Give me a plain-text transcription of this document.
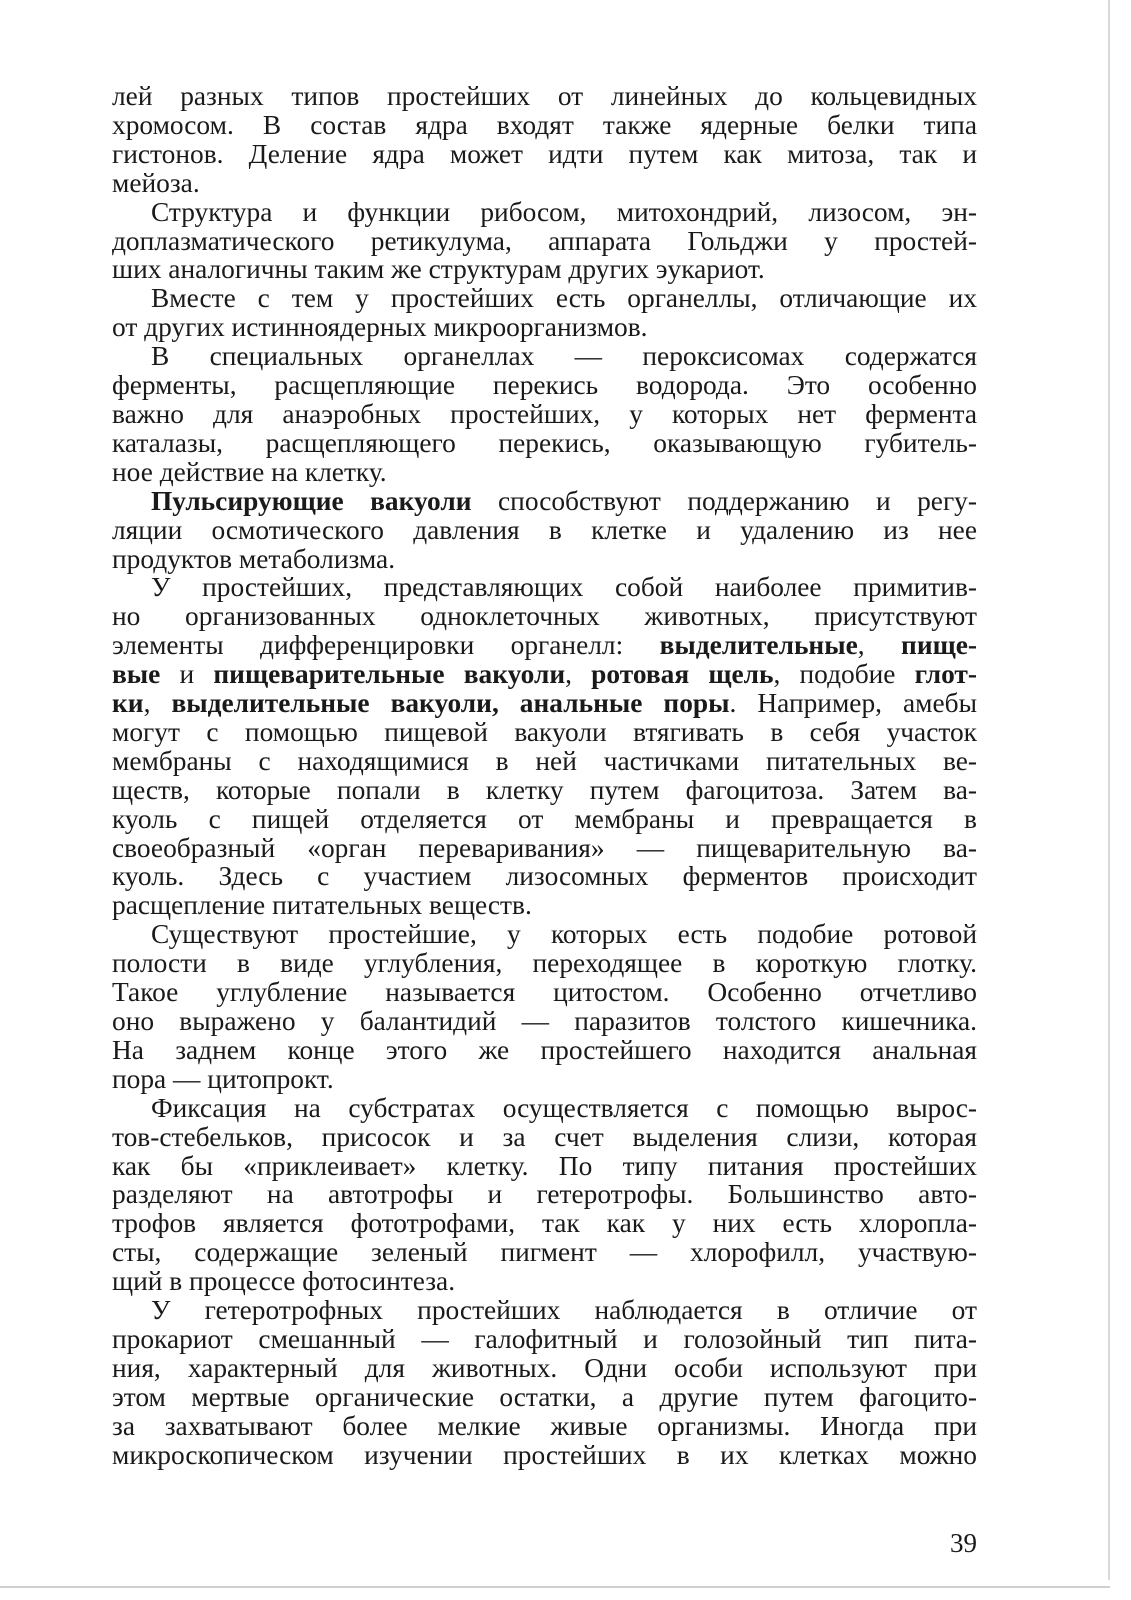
лей разных типов простейших от линейных до кольцевидных
хромосом. В состав ядра входят также ядерные белки типа
гистонов. Деление ядра может идти путем как митоза, так и
мейоза.
Структура и функции рибосом, митохондрий, лизосом, эн-
доплазматического ретикулума, аппарата Гольджи у простей-
ших аналогичны таким же структурам других эукариот.
Вместе с тем у простейших есть органеллы, отличающие их
от других истинноядерных микроорганизмов.
В специальных органеллах — пероксисомах содержатся
ферменты, расщепляющие перекись водорода. Это особенно
важно для анаэробных простейших, у которых нет фермента
каталазы, расщепляющего перекись, оказывающую губитель-
ное действие на клетку.
Пульсирующие вакуоли способствуют поддержанию и регу-
ляции осмотического давления в клетке и удалению из нее
продуктов метаболизма.
У простейших, представляющих собой наиболее примитив-
но организованных одноклеточных животных, присутствуют
элементы дифференцировки органелл: выделительные, пище-
вые и пищеварительные вакуоли, ротовая щель, подобие глот-
ки, выделительные вакуоли, анальные поры. Например, амебы
могут с помощью пищевой вакуоли втягивать в себя участок
мембраны с находящимися в ней частичками питательных ве-
ществ, которые попали в клетку путем фагоцитоза. Затем ва-
куоль с пищей отделяется от мембраны и превращается в
своеобразный «орган переваривания» — пищеварительную ва-
куоль. Здесь с участием лизосомных ферментов происходит
расщепление питательных веществ.
Существуют простейшие, у которых есть подобие ротовой
полости в виде углубления, переходящее в короткую глотку.
Такое углубление называется цитостом. Особенно отчетливо
оно выражено у балантидий — паразитов толстого кишечника.
На заднем конце этого же простейшего находится анальная
пора — цитопрокт.
Фиксация на субстратах осуществляется с помощью вырос-
тов-стебельков, присосок и за счет выделения слизи, которая
как бы «приклеивает» клетку. По типу питания простейших
разделяют на автотрофы и гетеротрофы. Большинство авто-
трофов является фототрофами, так как у них есть хлоропла-
сты, содержащие зеленый пигмент — хлорофилл, участвую-
щий в процессе фотосинтеза.
У гетеротрофных простейших наблюдается в отличие от
прокариот смешанный — галофитный и голозойный тип пита-
ния, характерный для животных. Одни особи используют при
этом мертвые органические остатки, а другие путем фагоцито-
за захватывают более мелкие живые организмы. Иногда при
микроскопическом изучении простейших в их клетках можно
39
